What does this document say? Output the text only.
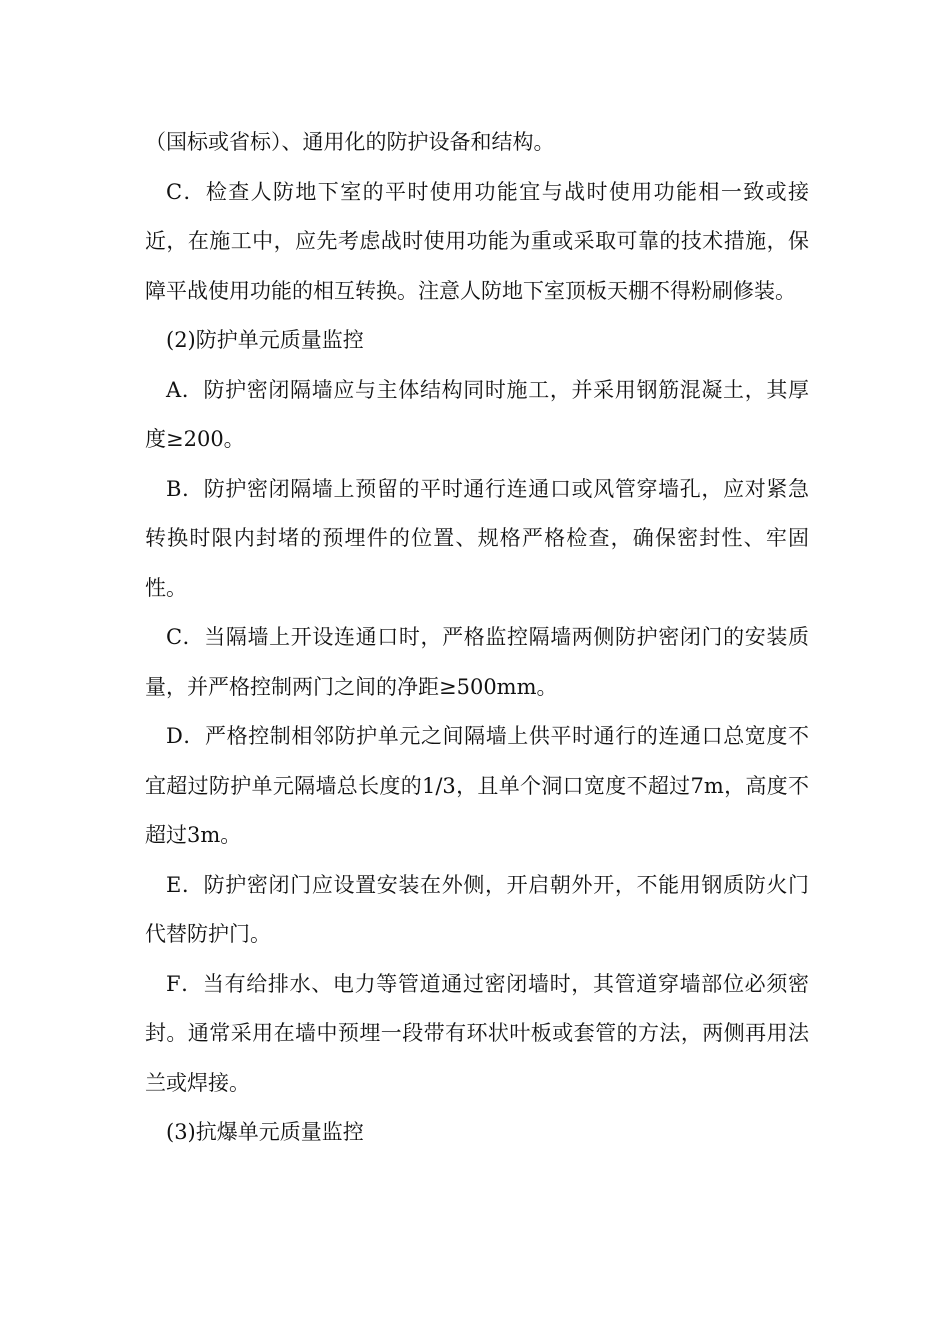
（国标或省标）、通用化的防护设备和结构。

C．检查人防地下室的平时使用功能宜与战时使用功能相一致或接近，在施工中，应先考虑战时使用功能为重或采取可靠的技术措施，保障平战使用功能的相互转换。注意人防地下室顶板天棚不得粉刷修装。

(2)防护单元质量监控

A．防护密闭隔墙应与主体结构同时施工，并采用钢筋混凝土，其厚度≥200。

B．防护密闭隔墙上预留的平时通行连通口或风管穿墙孔，应对紧急转换时限内封堵的预埋件的位置、规格严格检查，确保密封性、牢固性。

C．当隔墙上开设连通口时，严格监控隔墙两侧防护密闭门的安装质量，并严格控制两门之间的净距≥500mm。

D．严格控制相邻防护单元之间隔墙上供平时通行的连通口总宽度不宜超过防护单元隔墙总长度的1/3，且单个洞口宽度不超过7m，高度不超过3m。

E．防护密闭门应设置安装在外侧，开启朝外开，不能用钢质防火门代替防护门。

F．当有给排水、电力等管道通过密闭墙时，其管道穿墙部位必须密封。通常采用在墙中预埋一段带有环状叶板或套管的方法，两侧再用法兰或焊接。

(3)抗爆单元质量监控
